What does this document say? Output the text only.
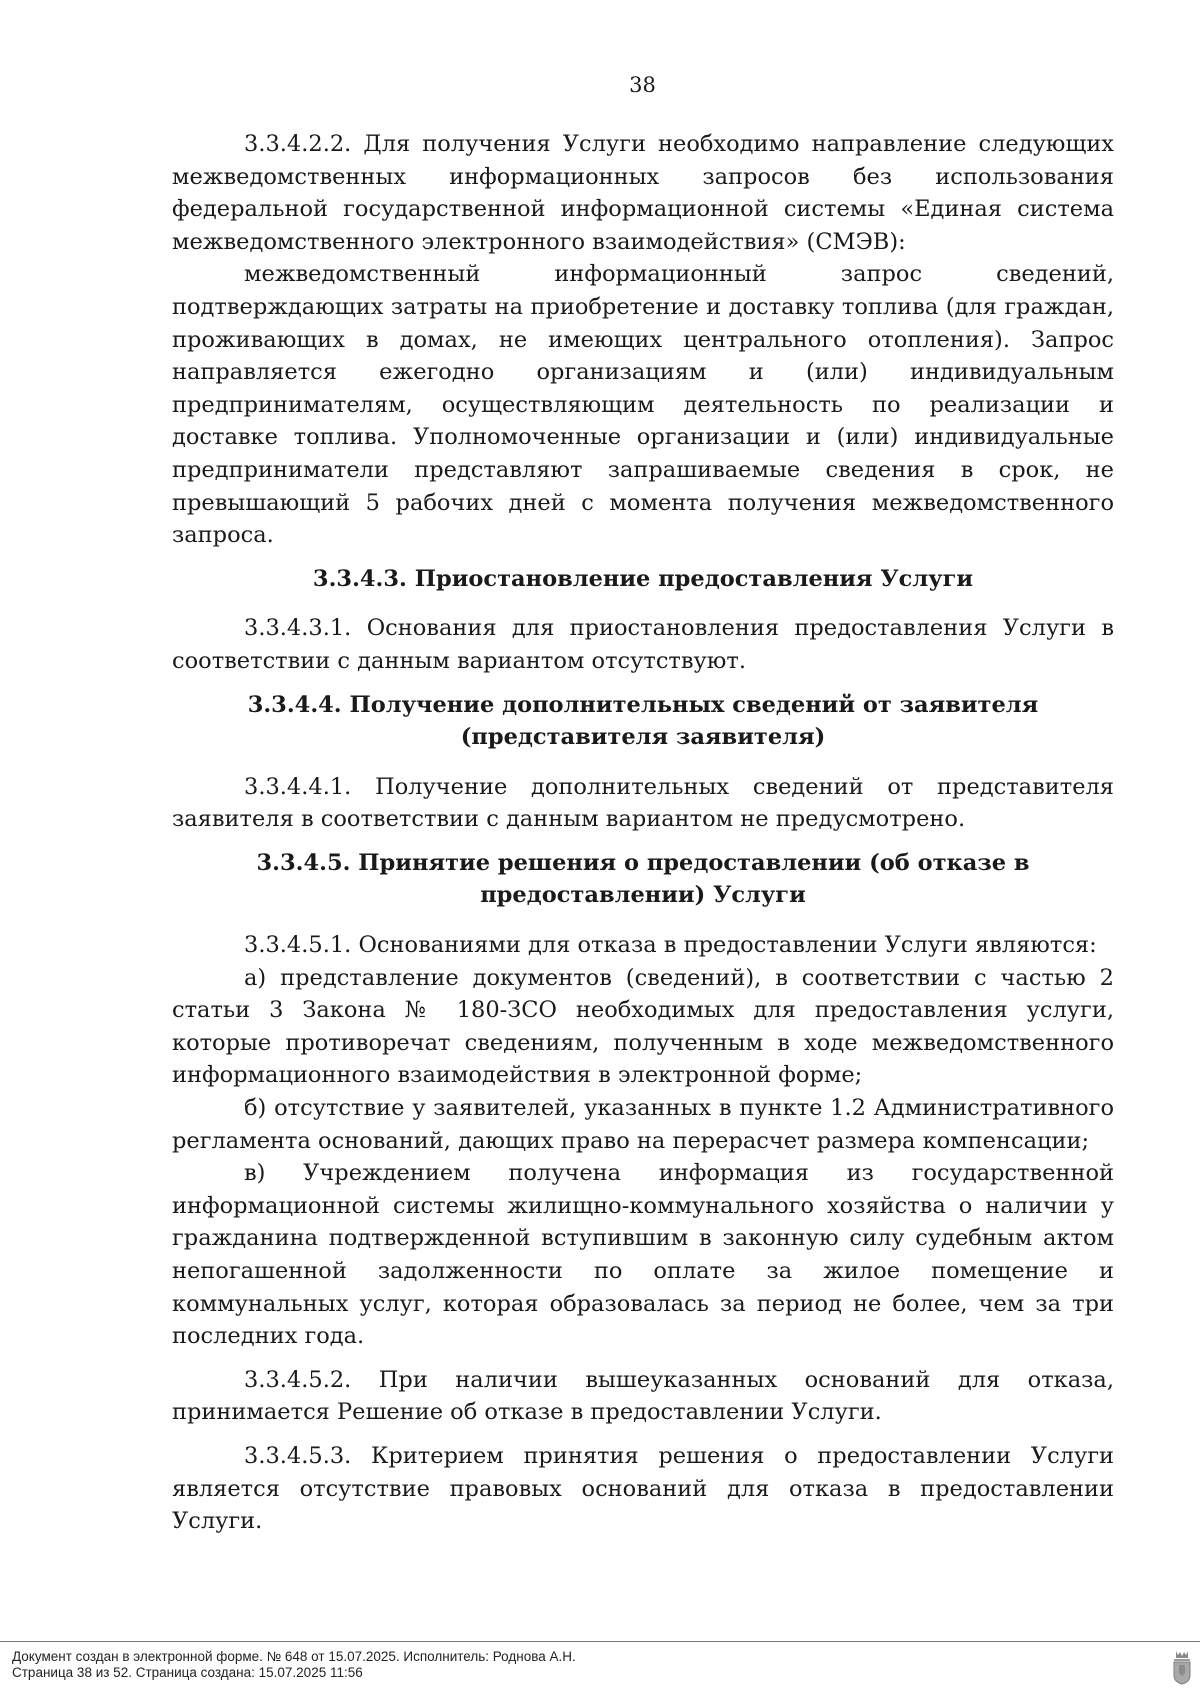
38

3.3.4.2.2. Для получения Услуги необходимо направление следующих межведомственных информационных запросов без использования федеральной государственной информационной системы «Единая система межведомственного электронного взаимодействия» (СМЭВ):

межведомственный информационный запрос сведений, подтверждающих затраты на приобретение и доставку топлива (для граждан, проживающих в домах, не имеющих центрального отопления). Запрос направляется ежегодно организациям и (или) индивидуальным предпринимателям, осуществляющим деятельность по реализации и доставке топлива. Уполномоченные организации и (или) индивидуальные предприниматели представляют запрашиваемые сведения в срок, не превышающий 5 рабочих дней с момента получения межведомственного запроса.

3.3.4.3. Приостановление предоставления Услуги

3.3.4.3.1. Основания для приостановления предоставления Услуги в соответствии с данным вариантом отсутствуют.

3.3.4.4. Получение дополнительных сведений от заявителя
(представителя заявителя)

3.3.4.4.1. Получение дополнительных сведений от представителя заявителя в соответствии с данным вариантом не предусмотрено.

3.3.4.5. Принятие решения о предоставлении (об отказе в
предоставлении) Услуги

3.3.4.5.1. Основаниями для отказа в предоставлении Услуги являются:

а) представление документов (сведений), в соответствии с частью 2 статьи 3 Закона № 180-ЗСО необходимых для предоставления услуги, которые противоречат сведениям, полученным в ходе межведомственного информационного взаимодействия в электронной форме;

б) отсутствие у заявителей, указанных в пункте 1.2 Административного регламента оснований, дающих право на перерасчет размера компенсации;

в) Учреждением получена информация из государственной информационной системы жилищно-коммунального хозяйства о наличии у гражданина подтвержденной вступившим в законную силу судебным актом непогашенной задолженности по оплате за жилое помещение и коммунальных услуг, которая образовалась за период не более, чем за три последних года.

3.3.4.5.2. При наличии вышеуказанных оснований для отказа, принимается Решение об отказе в предоставлении Услуги.

3.3.4.5.3. Критерием принятия решения о предоставлении Услуги является отсутствие правовых оснований для отказа в предоставлении Услуги.

Документ создан в электронной форме. № 648 от 15.07.2025. Исполнитель: Роднова А.Н.
Страница 38 из 52. Страница создана: 15.07.2025 11:56
